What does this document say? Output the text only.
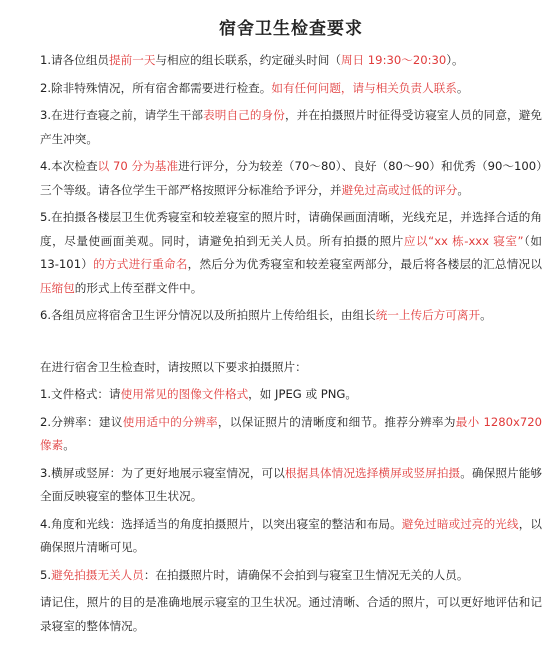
宿舍卫生检查要求
1.请各位组员提前一天与相应的组长联系，约定碰头时间（周日 19:30～20:30）。
2.除非特殊情况，所有宿舍都需要进行检查。如有任何问题，请与相关负责人联系。
3.在进行查寝之前，请学生干部表明自己的身份，并在拍摄照片时征得受访寝室人员的同意，避免产生冲突。
4.本次检查以 70 分为基准进行评分，分为较差（70～80）、良好（80～90）和优秀（90～100）三个等级。请各位学生干部严格按照评分标准给予评分，并避免过高或过低的评分。
5.在拍摄各楼层卫生优秀寝室和较差寝室的照片时，请确保画面清晰，光线充足，并选择合适的角度，尽量使画面美观。同时，请避免拍到无关人员。所有拍摄的照片应以“xx 栋-xxx 寝室”（如 13-101）的方式进行重命名，然后分为优秀寝室和较差寝室两部分，最后将各楼层的汇总情况以压缩包的形式上传至群文件中。
6.各组员应将宿舍卫生评分情况以及所拍照片上传给组长，由组长统一上传后方可离开。
在进行宿舍卫生检查时，请按照以下要求拍摄照片：
1.文件格式：请使用常见的图像文件格式，如 JPEG 或 PNG。
2.分辨率：建议使用适中的分辨率，以保证照片的清晰度和细节。推荐分辨率为最小 1280x720 像素。
3.横屏或竖屏：为了更好地展示寝室情况，可以根据具体情况选择横屏或竖屏拍摄。确保照片能够全面反映寝室的整体卫生状况。
4.角度和光线：选择适当的角度拍摄照片，以突出寝室的整洁和布局。避免过暗或过亮的光线，以确保照片清晰可见。
5.避免拍摄无关人员：在拍摄照片时，请确保不会拍到与寝室卫生情况无关的人员。
请记住，照片的目的是准确地展示寝室的卫生状况。通过清晰、合适的照片，可以更好地评估和记录寝室的整体情况。
